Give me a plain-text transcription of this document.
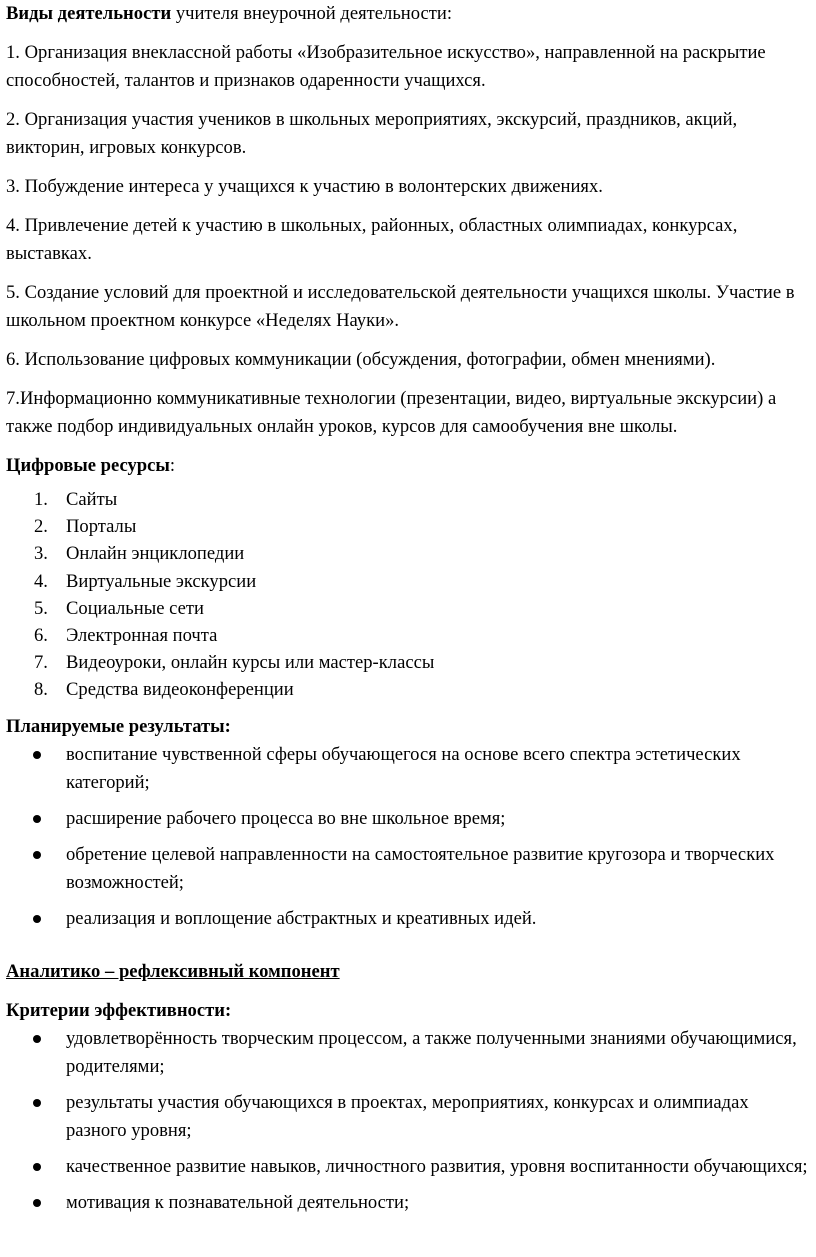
Виды деятельности учителя внеурочной деятельности:

1. Организация внеклассной работы «Изобразительное искусство», направленной на раскрытие способностей, талантов и признаков одаренности учащихся.

2. Организация участия учеников в школьных мероприятиях, экскурсий, праздников, акций, викторин, игровых конкурсов.

3. Побуждение интереса у учащихся к участию в волонтерских движениях.

4. Привлечение детей к участию в школьных, районных, областных олимпиадах, конкурсах, выставках.

5. Создание условий для проектной и исследовательской деятельности учащихся школы. Участие в школьном проектном конкурсе «Неделях Науки».

6. Использование цифровых коммуникации (обсуждения, фотографии, обмен мнениями).

7.Информационно коммуникативные технологии (презентации, видео, виртуальные экскурсии) а также подбор индивидуальных онлайн уроков, курсов для самообучения вне школы.

Цифровые ресурсы:

1. Сайты
2. Порталы
3. Онлайн энциклопедии
4. Виртуальные экскурсии
5. Социальные сети
6. Электронная почта
7. Видеоуроки, онлайн курсы или мастер-классы
8. Средства видеоконференции

Планируемые результаты:

воспитание чувственной сферы обучающегося на основе всего спектра эстетических категорий;
расширение рабочего процесса во вне школьное время;
обретение целевой направленности на самостоятельное развитие кругозора и творческих возможностей;
реализация и воплощение абстрактных и креативных идей.

Аналитико – рефлексивный компонент

Критерии эффективности:

удовлетворённость творческим процессом, а также полученными знаниями обучающимися, родителями;
результаты участия обучающихся в проектах, мероприятиях, конкурсах и олимпиадах разного уровня;
качественное развитие навыков, личностного развития, уровня воспитанности обучающихся;
мотивация к познавательной деятельности;
